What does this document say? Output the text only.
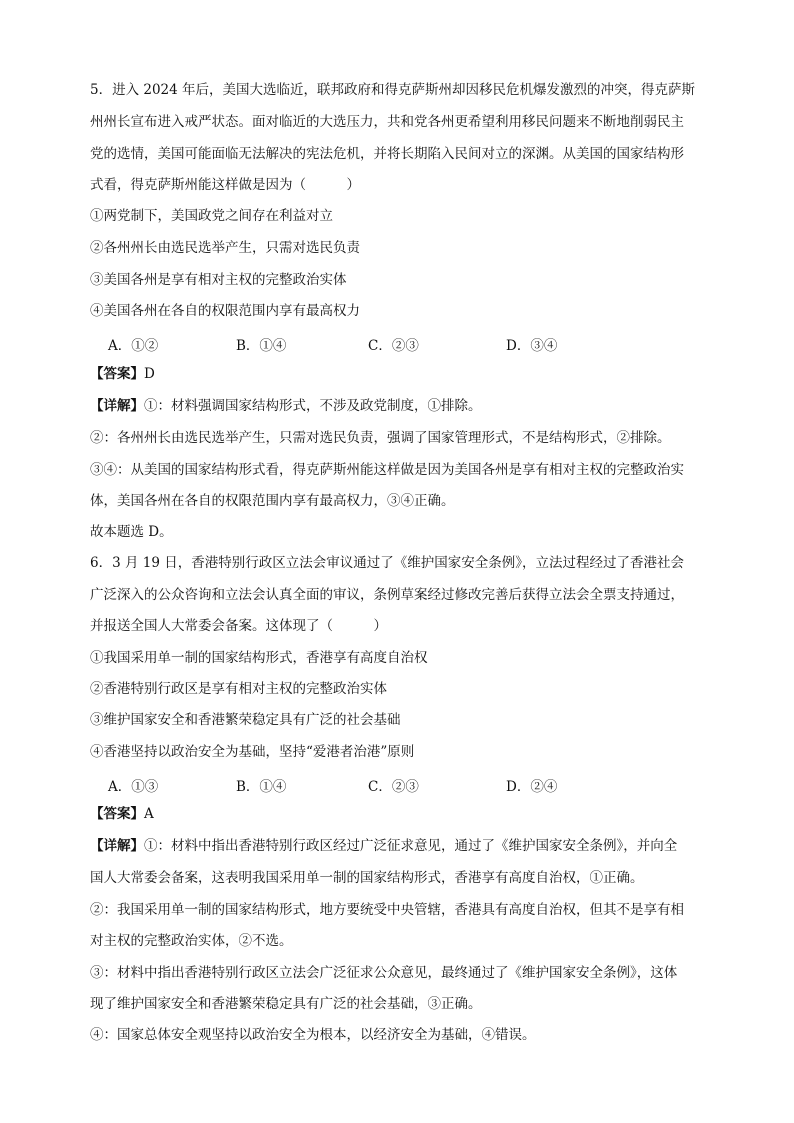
5．进入 2024 年后，美国大选临近，联邦政府和得克萨斯州却因移民危机爆发激烈的冲突，得克萨斯
州州长宣布进入戒严状态。面对临近的大选压力，共和党各州更希望利用移民问题来不断地削弱民主
党的选情，美国可能面临无法解决的宪法危机，并将长期陷入民间对立的深渊。从美国的国家结构形
式看，得克萨斯州能这样做是因为（　　　）
①两党制下，美国政党之间存在利益对立
②各州州长由选民选举产生，只需对选民负责
③美国各州是享有相对主权的完整政治实体
④美国各州在各自的权限范围内享有最高权力
A．①②	B．①④	C．②③	D．③④
【答案】D
【详解】①：材料强调国家结构形式，不涉及政党制度，①排除。
②：各州州长由选民选举产生，只需对选民负责，强调了国家管理形式，不是结构形式，②排除。
③④：从美国的国家结构形式看，得克萨斯州能这样做是因为美国各州是享有相对主权的完整政治实
体，美国各州在各自的权限范围内享有最高权力，③④正确。
故本题选 D。
6．3 月 19 日，香港特别行政区立法会审议通过了《维护国家安全条例》，立法过程经过了香港社会
广泛深入的公众咨询和立法会认真全面的审议，条例草案经过修改完善后获得立法会全票支持通过，
并报送全国人大常委会备案。这体现了（　　　）
①我国采用单一制的国家结构形式，香港享有高度自治权
②香港特别行政区是享有相对主权的完整政治实体
③维护国家安全和香港繁荣稳定具有广泛的社会基础
④香港坚持以政治安全为基础，坚持“爱港者治港”原则
A．①③	B．①④	C．②③	D．②④
【答案】A
【详解】①：材料中指出香港特别行政区经过广泛征求意见，通过了《维护国家安全条例》，并向全
国人大常委会备案，这表明我国采用单一制的国家结构形式，香港享有高度自治权，①正确。
②：我国采用单一制的国家结构形式，地方要统受中央管辖，香港具有高度自治权，但其不是享有相
对主权的完整政治实体，②不选。
③：材料中指出香港特别行政区立法会广泛征求公众意见，最终通过了《维护国家安全条例》，这体
现了维护国家安全和香港繁荣稳定具有广泛的社会基础，③正确。
④：国家总体安全观坚持以政治安全为根本，以经济安全为基础，④错误。
